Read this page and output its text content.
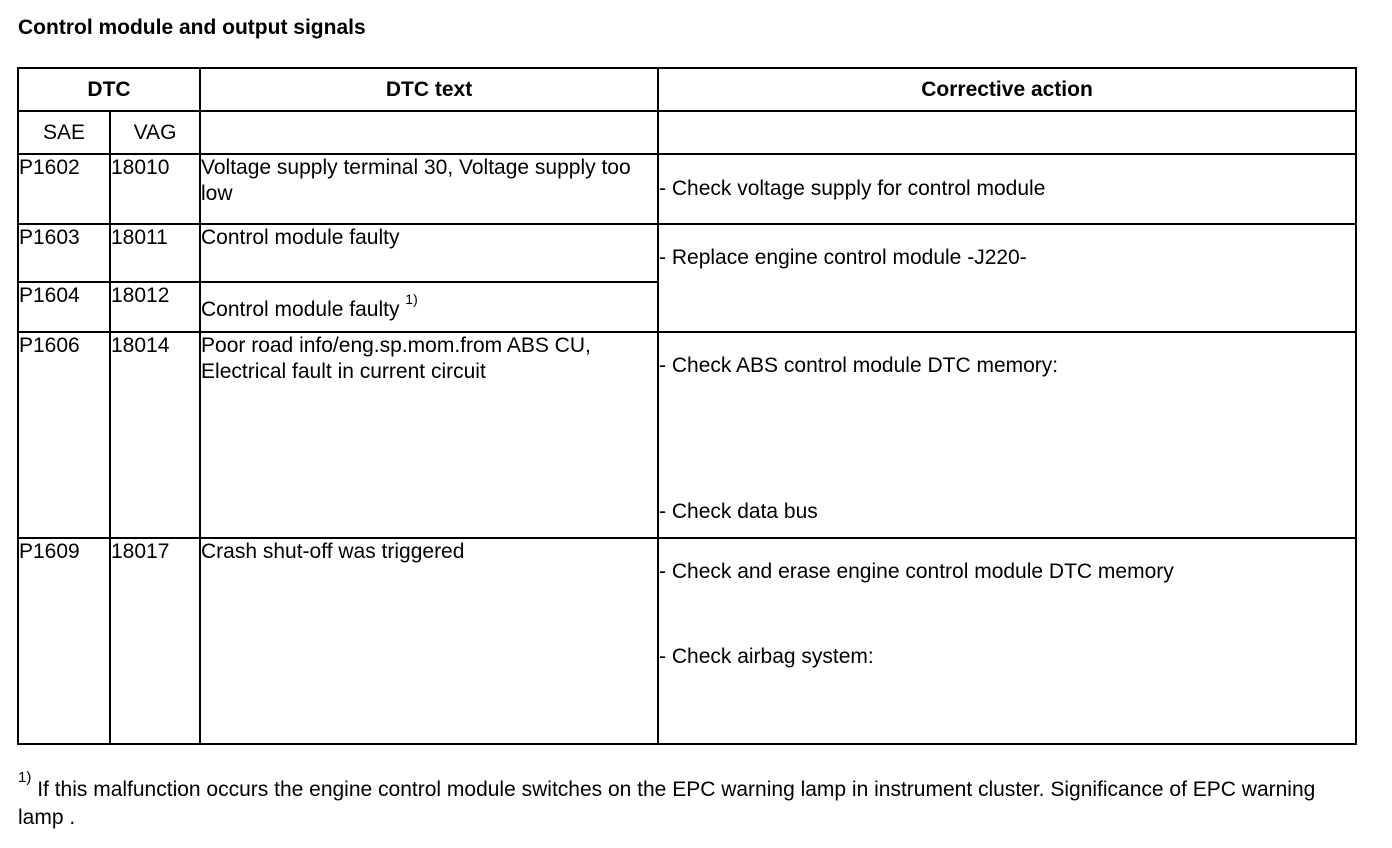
Control module and output signals
DTC		DTC text	Corrective action
SAE	VAG		
P1602	18010	Voltage supply terminal 30, Voltage supply too low	- Check voltage supply for control module

P1603	18011	Control module faulty	- Replace engine control module -J220-

P1604	18012	Control module faulty $^{1)}$
P1606	18014	Poor road info/eng.sp.mom.from ABS CU, Electrical fault in current circuit	- Check ABS control module DTC memory:
- Check data bus

P1609	18017	Crash shut-off was triggered	- Check and erase engine control module DTC memory
- Check airbag system:
$^{1)}$ If this malfunction occurs the engine control module switches on the EPC warning lamp in instrument cluster. Significance of EPC warning lamp .
